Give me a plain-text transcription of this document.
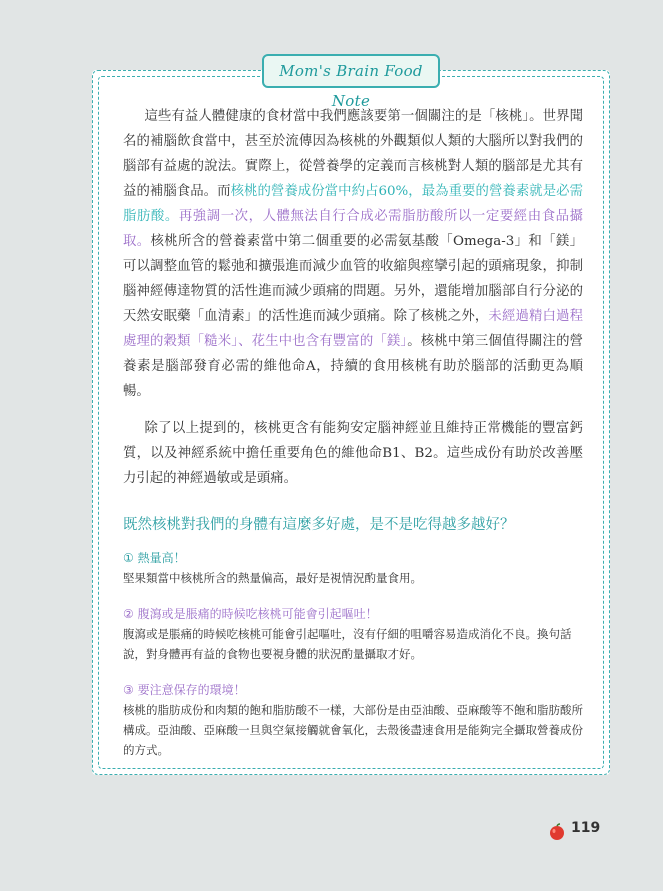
Mom's Brain Food Note

這些有益人體健康的食材當中我們應該要第一個關注的是「核桃」。世界聞名的補腦飲食當中，甚至於流傳因為核桃的外觀類似人類的大腦所以對我們的腦部有益處的說法。實際上，從營養學的定義而言核桃對人類的腦部是尤其有益的補腦食品。而核桃的營養成份當中約占60%，最為重要的營養素就是必需脂肪酸。再強調一次，人體無法自行合成必需脂肪酸所以一定要經由食品攝取。核桃所含的營養素當中第二個重要的必需氨基酸「Omega-3」和「鎂」可以調整血管的鬆弛和擴張進而減少血管的收縮與痙攣引起的頭痛現象，抑制腦神經傳達物質的活性進而減少頭痛的問題。另外，還能增加腦部自行分泌的天然安眠藥「血清素」的活性進而減少頭痛。除了核桃之外，未經過精白過程處理的穀類「糙米」、花生中也含有豐富的「鎂」。核桃中第三個值得關注的營養素是腦部發育必需的維他命A，持續的食用核桃有助於腦部的活動更為順暢。

除了以上提到的，核桃更含有能夠安定腦神經並且維持正常機能的豐富鈣質，以及神經系統中擔任重要角色的維他命B1、B2。這些成份有助於改善壓力引起的神經過敏或是頭痛。

既然核桃對我們的身體有這麼多好處，是不是吃得越多越好？
① 熱量高！

堅果類當中核桃所含的熱量偏高，最好是視情況酌量食用。

② 腹瀉或是脹痛的時候吃核桃可能會引起嘔吐！

腹瀉或是脹痛的時候吃核桃可能會引起嘔吐，沒有仔細的咀嚼容易造成消化不良。換句話說，對身體再有益的食物也要視身體的狀況酌量攝取才好。

③ 要注意保存的環境！

核桃的脂肪成份和肉類的飽和脂肪酸不一樣，大部份是由亞油酸、亞麻酸等不飽和脂肪酸所構成。亞油酸、亞麻酸一旦與空氣接觸就會氧化，去殼後盡速食用是能夠完全攝取營養成份的方式。

119
